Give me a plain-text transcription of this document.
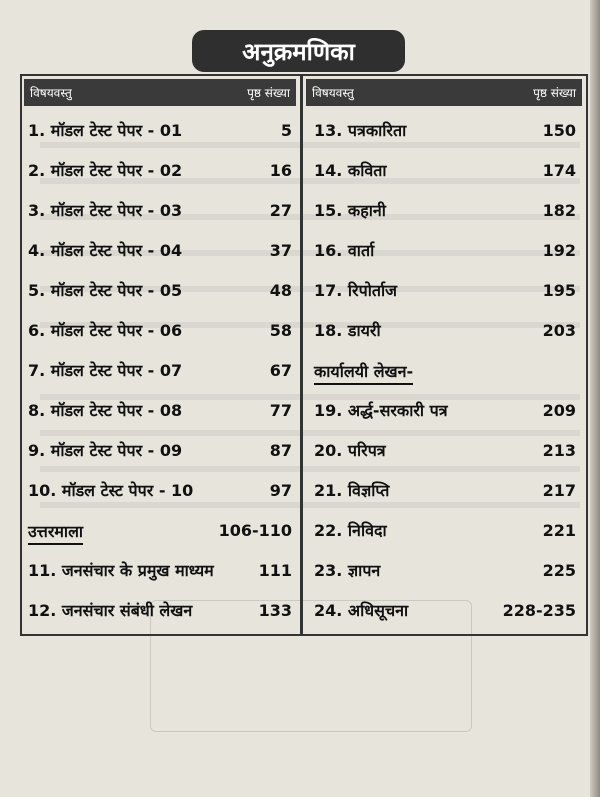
अनुक्रमणिका
विषयवस्तु	पृष्ठ संख्या विषयवस्तु	पृष्ठ संख्या
1. मॉडल टेस्ट पेपर - 01	5
2. मॉडल टेस्ट पेपर - 02	16
3. मॉडल टेस्ट पेपर - 03	27
4. मॉडल टेस्ट पेपर - 04	37
5. मॉडल टेस्ट पेपर - 05	48
6. मॉडल टेस्ट पेपर - 06	58
7. मॉडल टेस्ट पेपर - 07	67
8. मॉडल टेस्ट पेपर - 08	77
9. मॉडल टेस्ट पेपर - 09	87
10. मॉडल टेस्ट पेपर - 10	97
उत्तरमाला	106-110
11. जनसंचार के प्रमुख माध्यम	111
12. जनसंचार संबंधी लेखन	133
13. पत्रकारिता	150
14. कविता	174
15. कहानी	182
16. वार्ता	192
17. रिपोर्ताज	195
18. डायरी	203
कार्यालयी लेखन-
19. अर्द्ध-सरकारी पत्र	209
20. परिपत्र	213
21. विज्ञप्ति	217
22. निविदा	221
23. ज्ञापन	225
24. अधिसूचना	228-235
